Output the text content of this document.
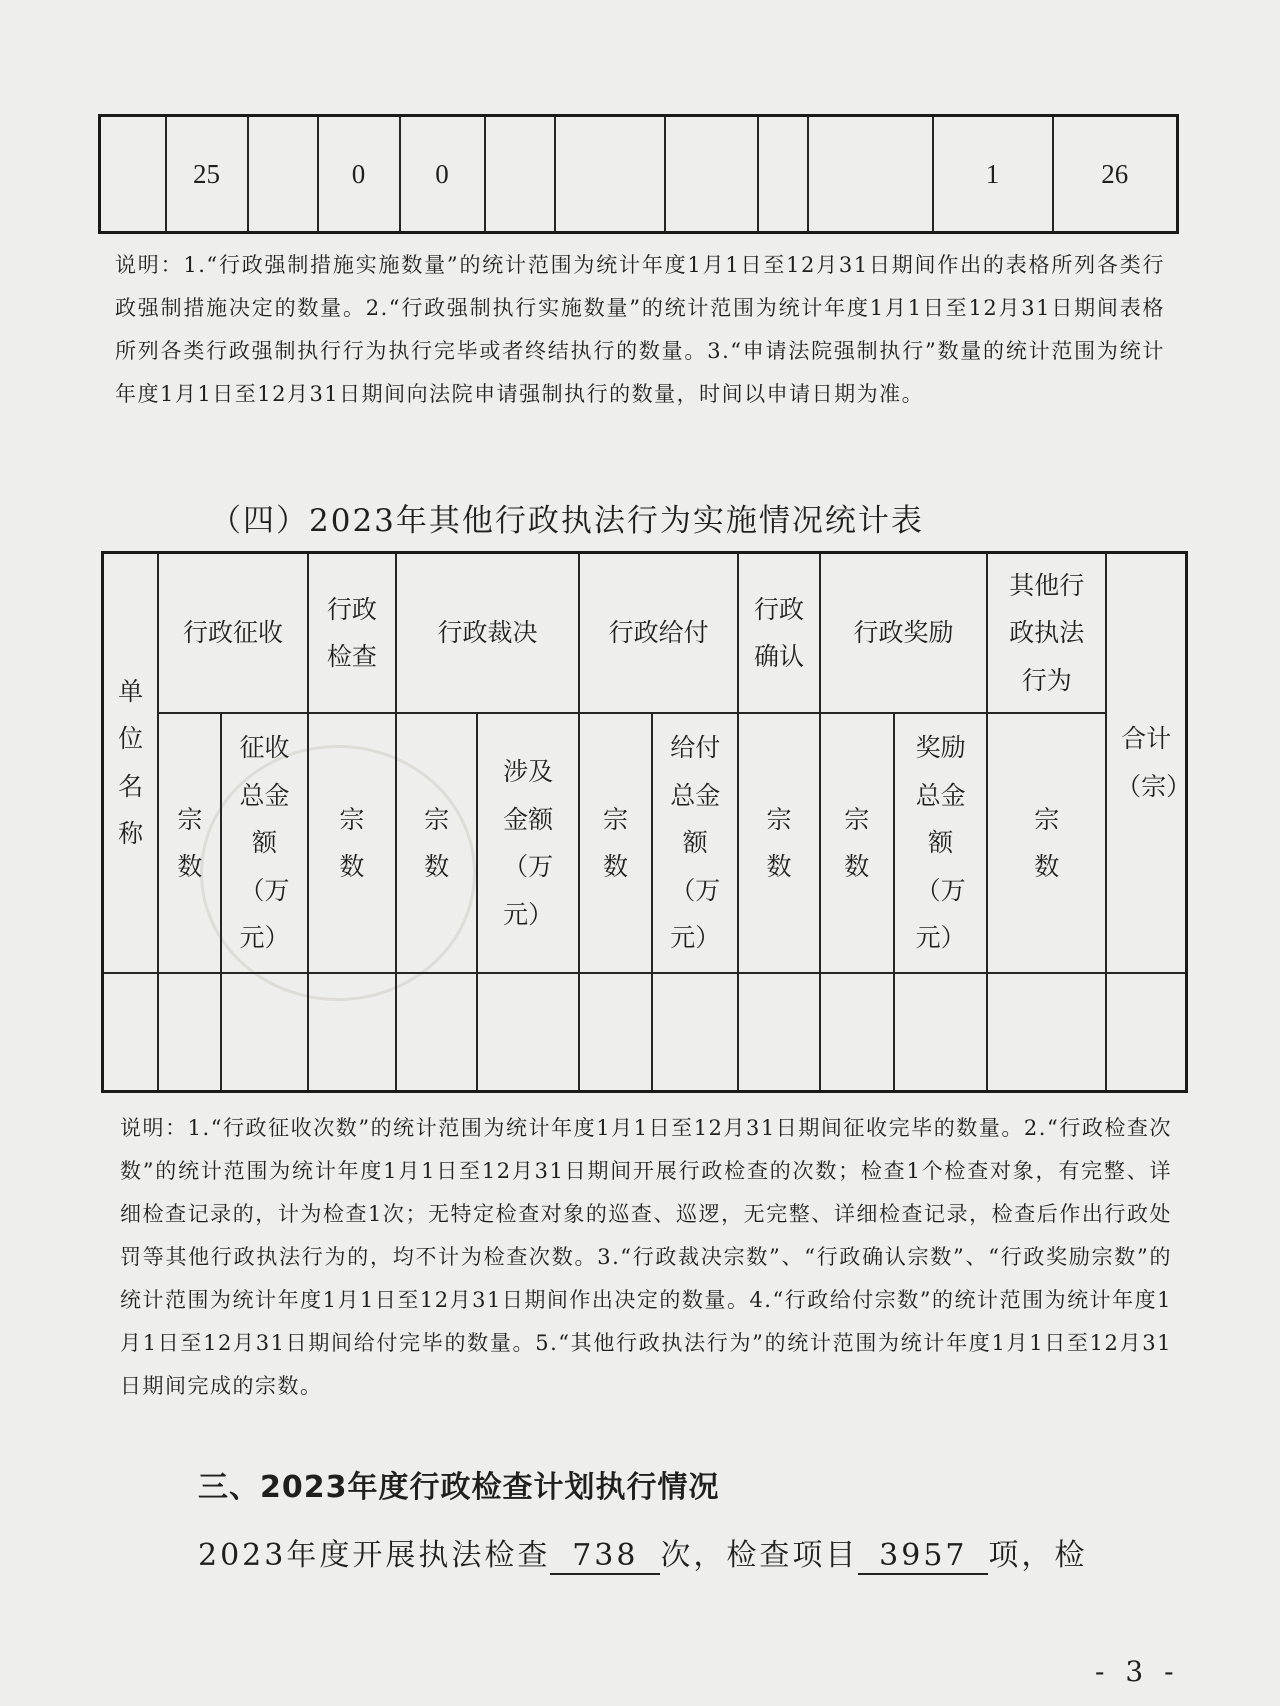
	25		0	0						1	26
说明：1.“行政强制措施实施数量”的统计范围为统计年度1月1日至12月31日期间作出的表格所列各类行政强制措施决定的数量。2.“行政强制执行实施数量”的统计范围为统计年度1月1日至12月31日期间表格所列各类行政强制执行行为执行完毕或者终结执行的数量。3.“申请法院强制执行”数量的统计范围为统计年度1月1日至12月31日期间向法院申请强制执行的数量，时间以申请日期为准。
（四）2023年其他行政执法行为实施情况统计表
单位名称	行政征收		行政检查	行政裁决		行政给付		行政确认	行政奖励		其他行政执法行为	合计（宗）
	宗数	征收总金额（万元）	宗数	宗数	涉及金额（万元）	宗数	给付总金额（万元）	宗数	宗数	奖励总金额（万元）	宗数	

说明：1.“行政征收次数”的统计范围为统计年度1月1日至12月31日期间征收完毕的数量。2.“行政检查次数”的统计范围为统计年度1月1日至12月31日期间开展行政检查的次数；检查1个检查对象，有完整、详细检查记录的，计为检查1次；无特定检查对象的巡查、巡逻，无完整、详细检查记录，检查后作出行政处罚等其他行政执法行为的，均不计为检查次数。3.“行政裁决宗数”、“行政确认宗数”、“行政奖励宗数”的统计范围为统计年度1月1日至12月31日期间作出决定的数量。4.“行政给付宗数”的统计范围为统计年度1月1日至12月31日期间给付完毕的数量。5.“其他行政执法行为”的统计范围为统计年度1月1日至12月31日期间完成的宗数。
三、2023年度行政检查计划执行情况
2023年度开展执法检查 738 次，检查项目 3957 项，检
- 3 -
